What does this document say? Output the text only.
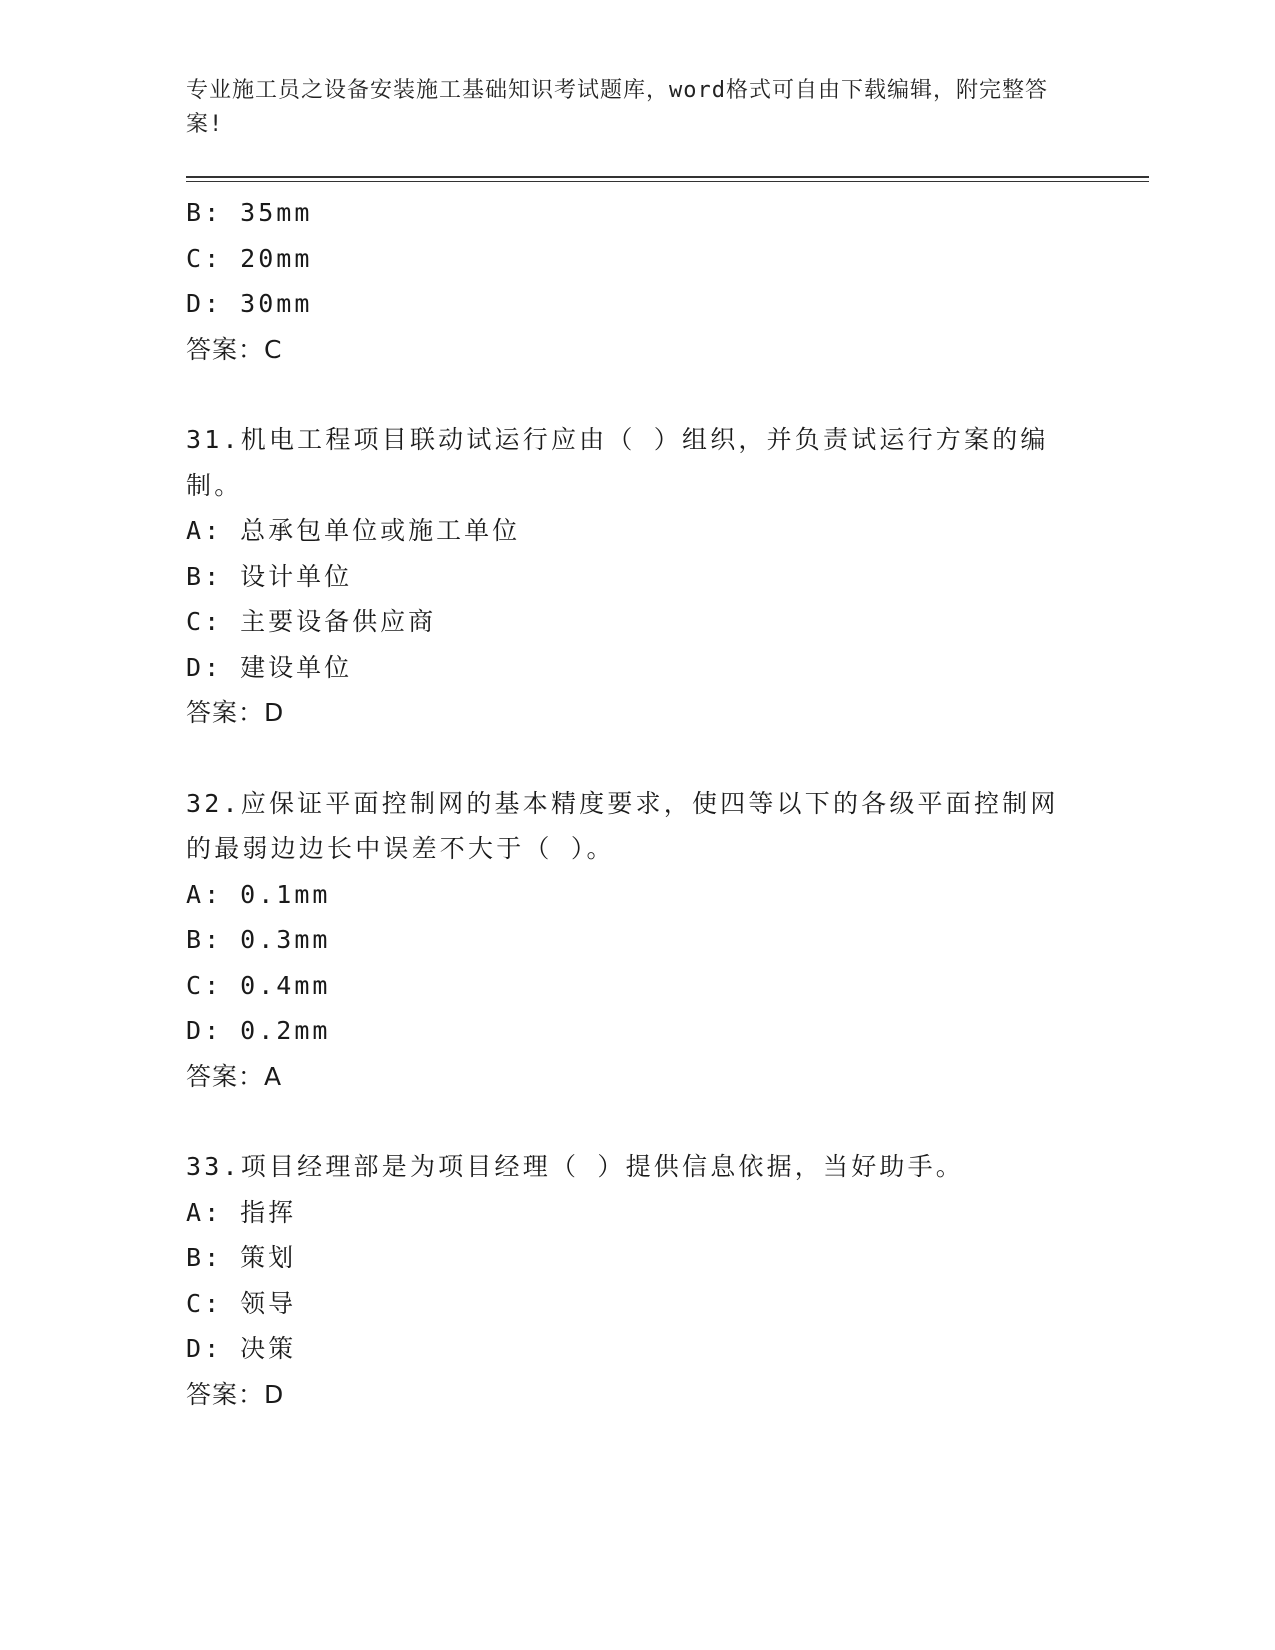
专业施工员之设备安装施工基础知识考试题库，word格式可自由下载编辑，附完整答案!

B: 35mm

C: 20mm

D: 30mm

答案：C

31.机电工程项目联动试运行应由（ ）组织，并负责试运行方案的编制。

A: 总承包单位或施工单位

B: 设计单位

C: 主要设备供应商

D: 建设单位

答案：D

32.应保证平面控制网的基本精度要求，使四等以下的各级平面控制网的最弱边边长中误差不大于（ ）。

A: 0.1mm

B: 0.3mm

C: 0.4mm

D: 0.2mm

答案：A

33.项目经理部是为项目经理（ ）提供信息依据，当好助手。

A: 指挥

B: 策划

C: 领导

D: 决策

答案：D
